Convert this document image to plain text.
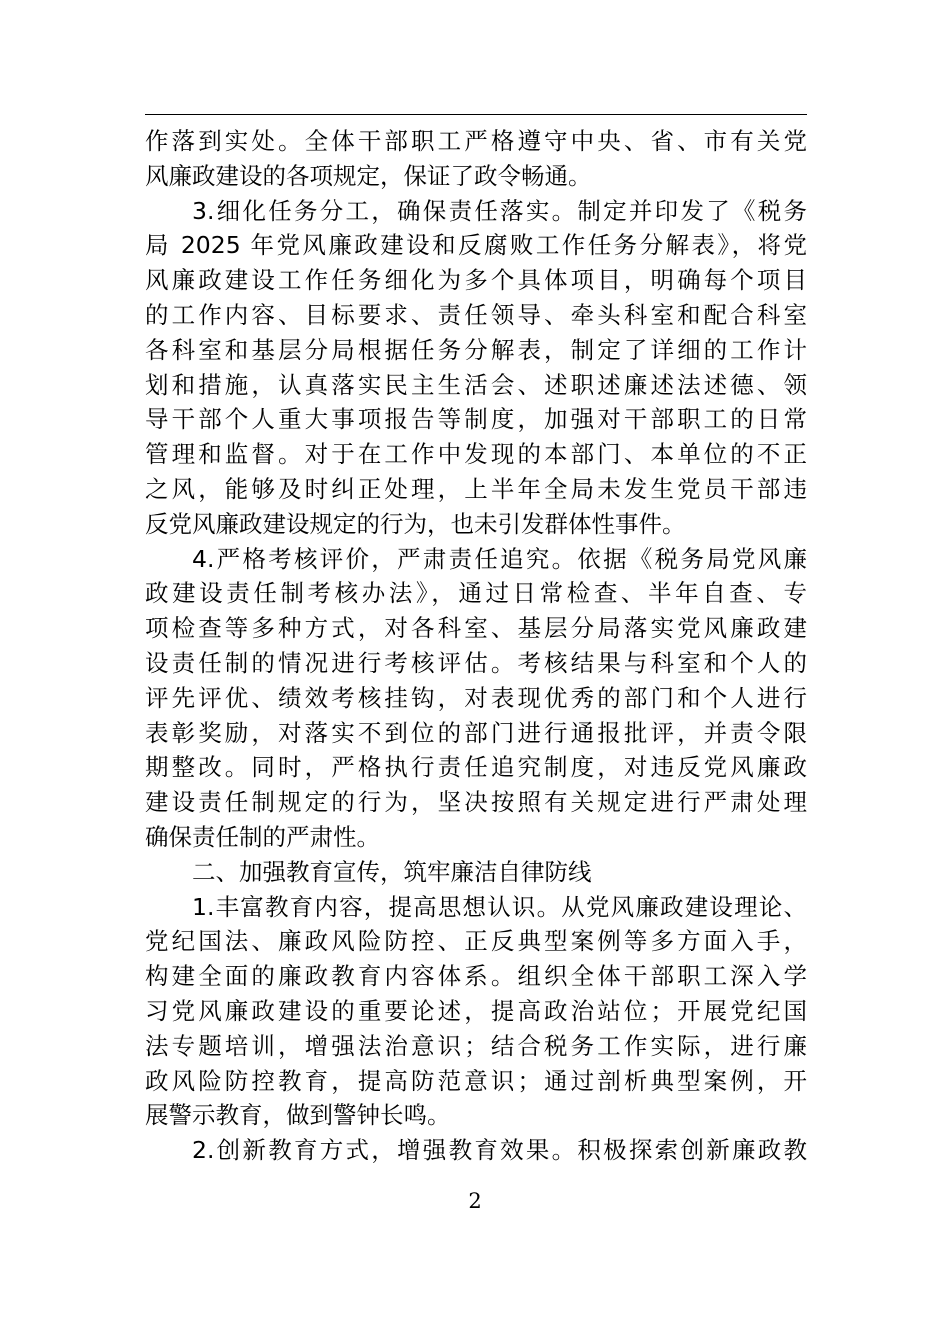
作落到实处。全体干部职工严格遵守中央、省、市有关党
风廉政建设的各项规定，保证了政令畅通。
3.细化任务分工，确保责任落实。制定并印发了《税务
局 2025 年党风廉政建设和反腐败工作任务分解表》，将党
风廉政建设工作任务细化为多个具体项目，明确每个项目
的工作内容、目标要求、责任领导、牵头科室和配合科室
各科室和基层分局根据任务分解表，制定了详细的工作计
划和措施，认真落实民主生活会、述职述廉述法述德、领
导干部个人重大事项报告等制度，加强对干部职工的日常
管理和监督。对于在工作中发现的本部门、本单位的不正
之风，能够及时纠正处理，上半年全局未发生党员干部违
反党风廉政建设规定的行为，也未引发群体性事件。
4.严格考核评价，严肃责任追究。依据《税务局党风廉
政建设责任制考核办法》，通过日常检查、半年自查、专
项检查等多种方式，对各科室、基层分局落实党风廉政建
设责任制的情况进行考核评估。考核结果与科室和个人的
评先评优、绩效考核挂钩，对表现优秀的部门和个人进行
表彰奖励，对落实不到位的部门进行通报批评，并责令限
期整改。同时，严格执行责任追究制度，对违反党风廉政
建设责任制规定的行为，坚决按照有关规定进行严肃处理
确保责任制的严肃性。
二、加强教育宣传，筑牢廉洁自律防线
1.丰富教育内容，提高思想认识。从党风廉政建设理论、
党纪国法、廉政风险防控、正反典型案例等多方面入手，
构建全面的廉政教育内容体系。组织全体干部职工深入学
习党风廉政建设的重要论述，提高政治站位；开展党纪国
法专题培训，增强法治意识；结合税务工作实际，进行廉
政风险防控教育，提高防范意识；通过剖析典型案例，开
展警示教育，做到警钟长鸣。
2.创新教育方式，增强教育效果。积极探索创新廉政教
2
